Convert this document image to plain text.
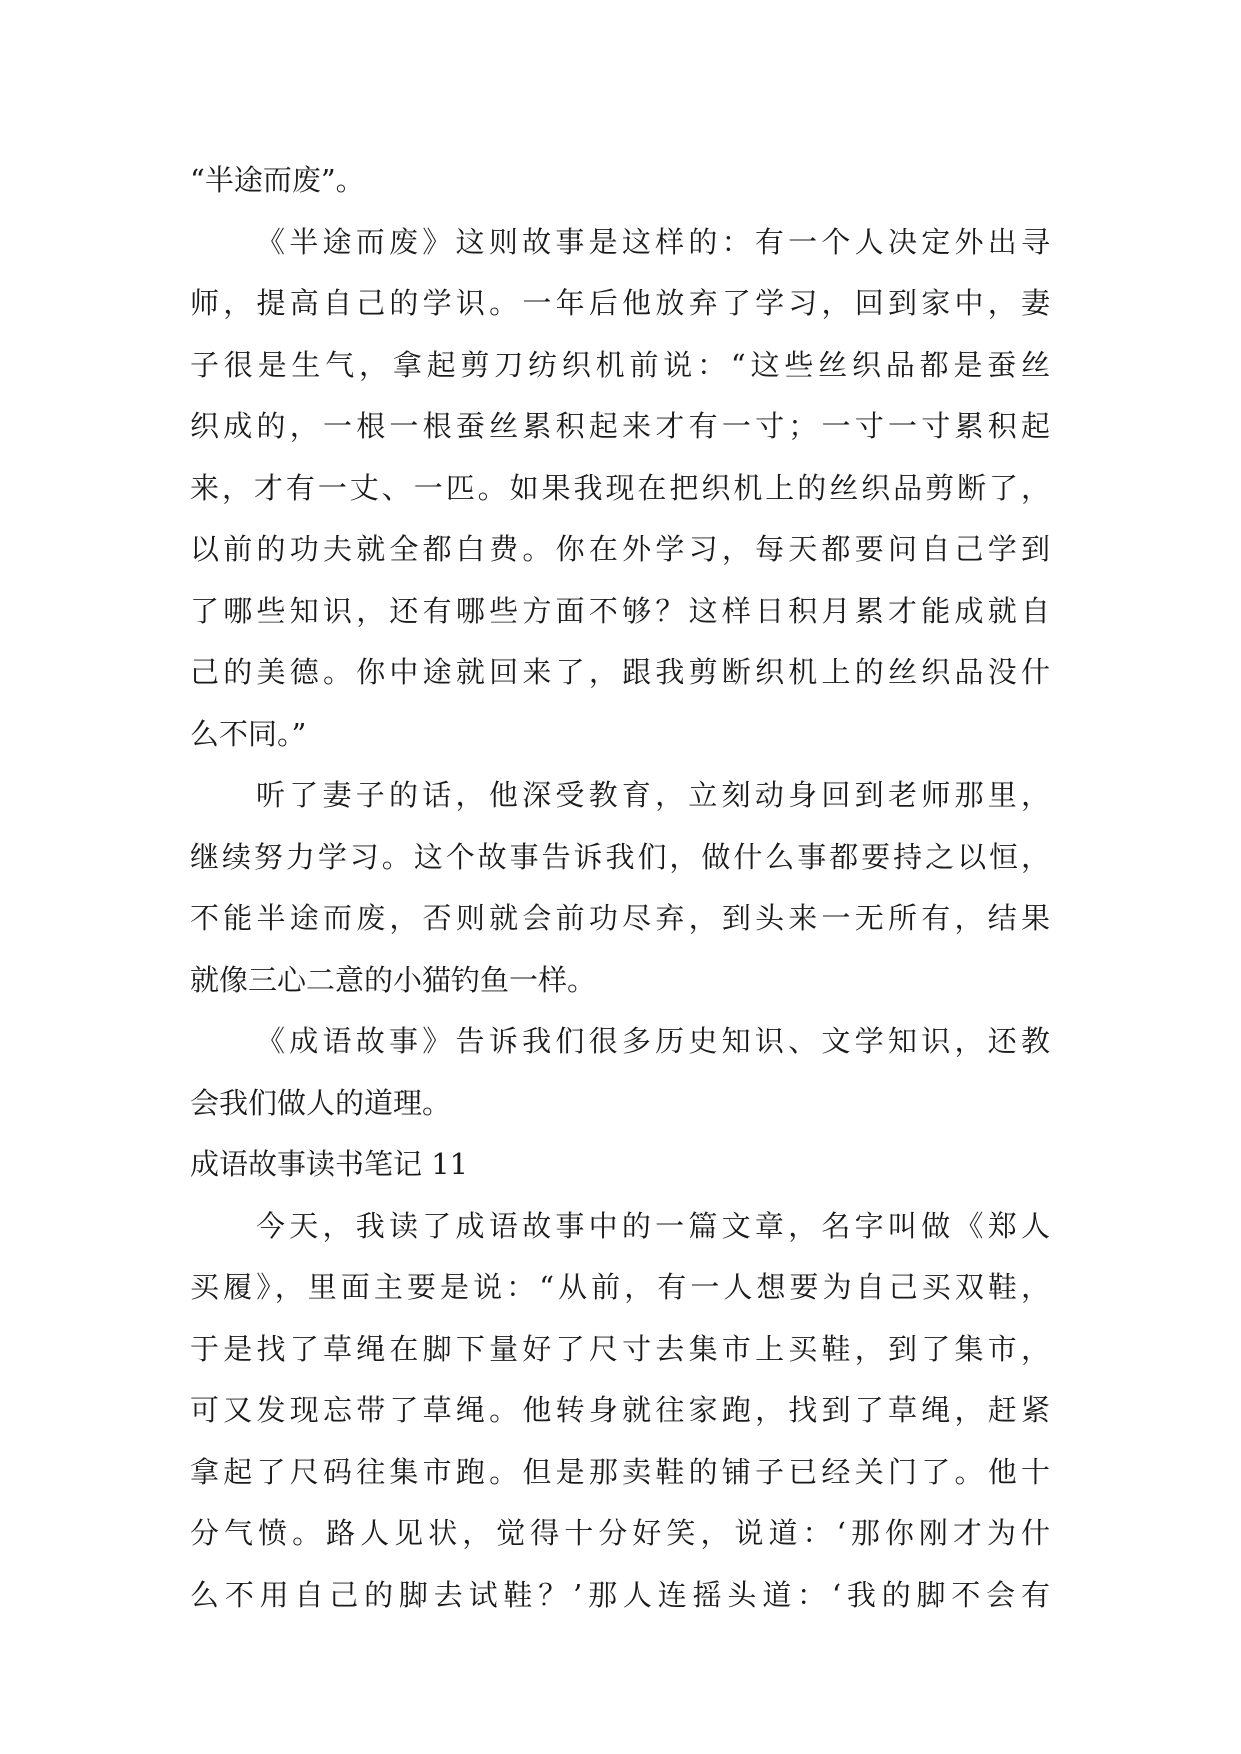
“半途而废”。
《半途而废》这则故事是这样的：有一个人决定外出寻
师，提高自己的学识。一年后他放弃了学习，回到家中，妻
子很是生气，拿起剪刀纺织机前说：“这些丝织品都是蚕丝
织成的，一根一根蚕丝累积起来才有一寸；一寸一寸累积起
来，才有一丈、一匹。如果我现在把织机上的丝织品剪断了，
以前的功夫就全都白费。你在外学习，每天都要问自己学到
了哪些知识，还有哪些方面不够？这样日积月累才能成就自
己的美德。你中途就回来了，跟我剪断织机上的丝织品没什
么不同。”
听了妻子的话，他深受教育，立刻动身回到老师那里，
继续努力学习。这个故事告诉我们，做什么事都要持之以恒，
不能半途而废，否则就会前功尽弃，到头来一无所有，结果
就像三心二意的小猫钓鱼一样。
《成语故事》告诉我们很多历史知识、文学知识，还教
会我们做人的道理。
成语故事读书笔记 11
今天，我读了成语故事中的一篇文章，名字叫做《郑人
买履》，里面主要是说：“从前，有一人想要为自己买双鞋，
于是找了草绳在脚下量好了尺寸去集市上买鞋，到了集市，
可又发现忘带了草绳。他转身就往家跑，找到了草绳，赶紧
拿起了尺码往集市跑。但是那卖鞋的铺子已经关门了。他十
分气愤。路人见状，觉得十分好笑，说道：‘那你刚才为什
么不用自己的脚去试鞋？’那人连摇头道：‘我的脚不会有
